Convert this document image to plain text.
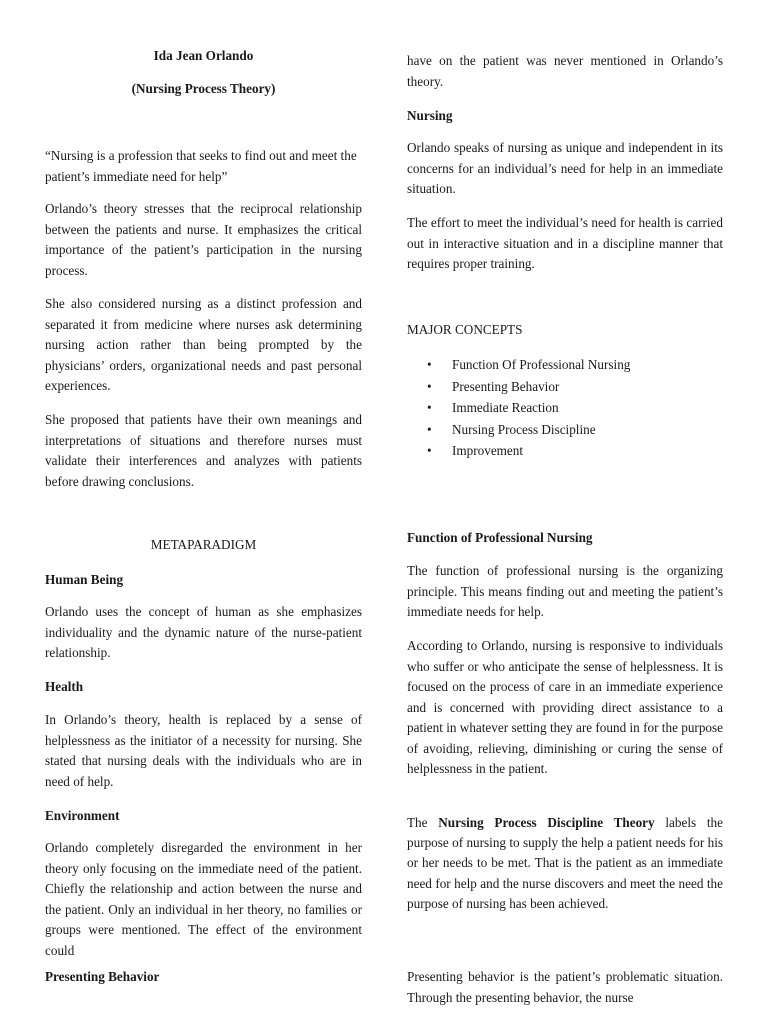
Ida Jean Orlando
(Nursing Process Theory)

“Nursing is a profession that seeks to find out and meet the patient’s immediate need for help”

Orlando’s theory stresses that the reciprocal relationship between the patients and nurse. It emphasizes the critical importance of the patient’s participation in the nursing process.

She also considered nursing as a distinct profession and separated it from medicine where nurses ask determining nursing action rather than being prompted by the physicians’ orders, organizational needs and past personal experiences.

She proposed that patients have their own meanings and interpretations of situations and therefore nurses must validate their interferences and analyzes with patients before drawing conclusions.

METAPARADIGM
Human Being

Orlando uses the concept of human as she emphasizes individuality and the dynamic nature of the nurse-patient relationship.

Health

In Orlando’s theory, health is replaced by a sense of helplessness as the initiator of a necessity for nursing. She stated that nursing deals with the individuals who are in need of help.

Environment

Orlando completely disregarded the environment in her theory only focusing on the immediate need of the patient. Chiefly the relationship and action between the nurse and the patient. Only an individual in her theory, no families or groups were mentioned. The effect of the environment could

Presenting Behavior

have on the patient was never mentioned in Orlando’s theory.

Nursing

Orlando speaks of nursing as unique and independent in its concerns for an individual’s need for help in an immediate situation.

The effort to meet the individual’s need for health is carried out in interactive situation and in a discipline manner that requires proper training.

MAJOR CONCEPTS
• Function Of Professional Nursing
• Presenting Behavior
• Immediate Reaction
• Nursing Process Discipline
• Improvement
Function of Professional Nursing

The function of professional nursing is the organizing principle. This means finding out and meeting the patient’s immediate needs for help.

According to Orlando, nursing is responsive to individuals who suffer or who anticipate the sense of helplessness. It is focused on the process of care in an immediate experience and is concerned with providing direct assistance to a patient in whatever setting they are found in for the purpose of avoiding, relieving, diminishing or curing the sense of helplessness in the patient.

The Nursing Process Discipline Theory labels the purpose of nursing to supply the help a patient needs for his or her needs to be met. That is the patient as an immediate need for help and the nurse discovers and meet the need the purpose of nursing has been achieved.

Presenting behavior is the patient’s problematic situation. Through the presenting behavior, the nurse
